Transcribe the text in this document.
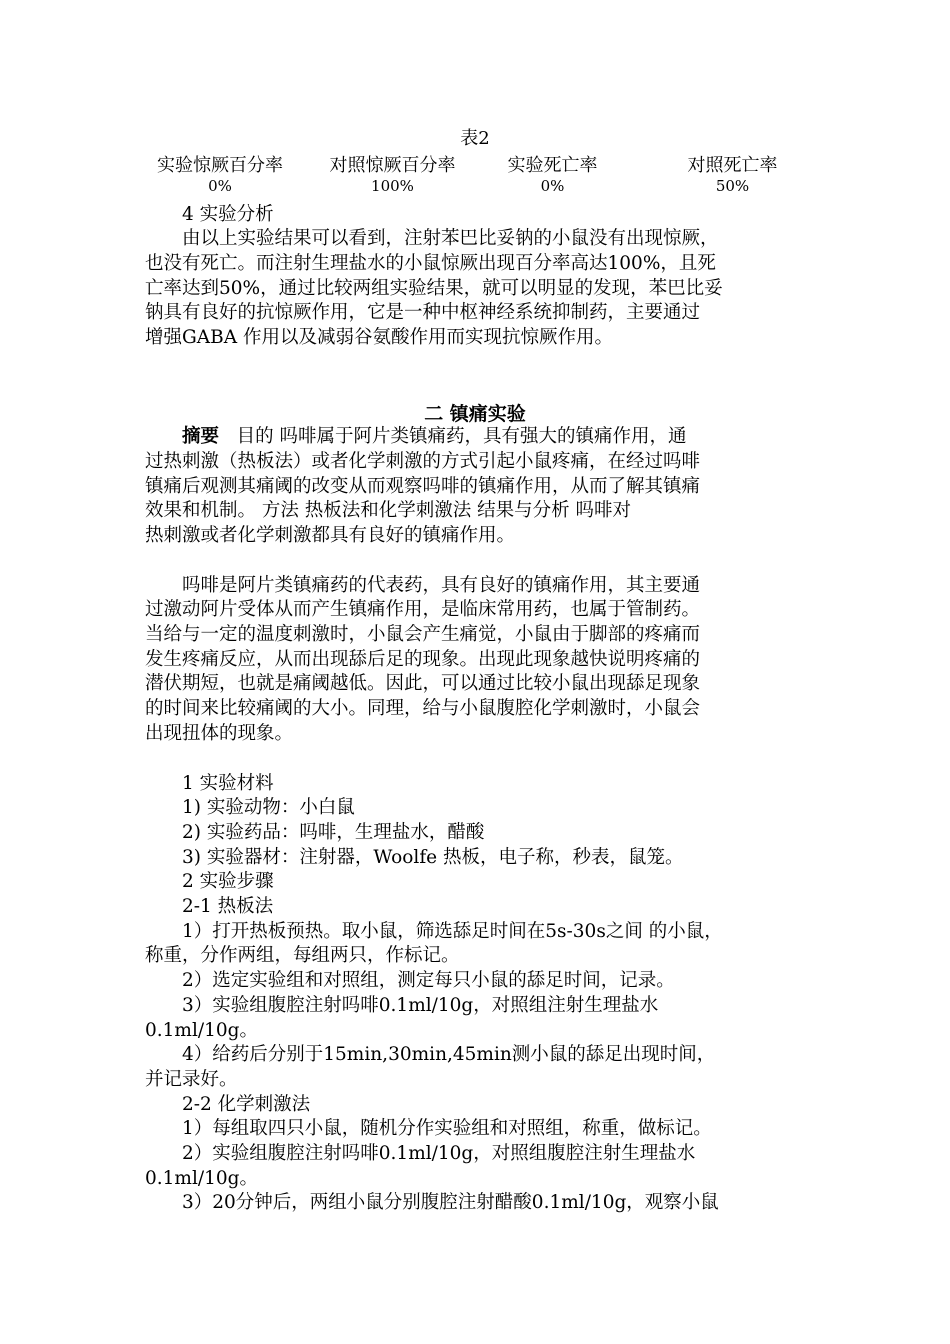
表2
实验惊厥百分率	对照惊厥百分率	实验死亡率	对照死亡率
0%	100%	0%	50%
4 实验分析
由以上实验结果可以看到，注射苯巴比妥钠的小鼠没有出现惊厥，
也没有死亡。而注射生理盐水的小鼠惊厥出现百分率高达100%，且死
亡率达到50%，通过比较两组实验结果，就可以明显的发现，苯巴比妥
钠具有良好的抗惊厥作用，它是一种中枢神经系统抑制药，主要通过
增强GABA 作用以及减弱谷氨酸作用而实现抗惊厥作用。
二 镇痛实验
摘要 目的 吗啡属于阿片类镇痛药，具有强大的镇痛作用，通
过热刺激（热板法）或者化学刺激的方式引起小鼠疼痛，在经过吗啡
镇痛后观测其痛阈的改变从而观察吗啡的镇痛作用，从而了解其镇痛
效果和机制。 方法 热板法和化学刺激法 结果与分析 吗啡对
热刺激或者化学刺激都具有良好的镇痛作用。
吗啡是阿片类镇痛药的代表药，具有良好的镇痛作用，其主要通
过激动阿片受体从而产生镇痛作用，是临床常用药，也属于管制药。
当给与一定的温度刺激时，小鼠会产生痛觉，小鼠由于脚部的疼痛而
发生疼痛反应，从而出现舔后足的现象。出现此现象越快说明疼痛的
潜伏期短，也就是痛阈越低。因此，可以通过比较小鼠出现舔足现象
的时间来比较痛阈的大小。同理，给与小鼠腹腔化学刺激时，小鼠会
出现扭体的现象。
1 实验材料
1) 实验动物：小白鼠
2) 实验药品：吗啡，生理盐水，醋酸
3) 实验器材：注射器，Woolfe 热板，电子称，秒表，鼠笼。
2 实验步骤
2-1 热板法
1）打开热板预热。取小鼠，筛选舔足时间在5s-30s之间 的小鼠，
称重，分作两组，每组两只，作标记。
2）选定实验组和对照组，测定每只小鼠的舔足时间，记录。
3）实验组腹腔注射吗啡0.1ml/10g，对照组注射生理盐水
0.1ml/10g。
4）给药后分别于15min,30min,45min测小鼠的舔足出现时间，
并记录好。
2-2 化学刺激法
1）每组取四只小鼠，随机分作实验组和对照组，称重，做标记。
2）实验组腹腔注射吗啡0.1ml/10g，对照组腹腔注射生理盐水
0.1ml/10g。
3）20分钟后，两组小鼠分别腹腔注射醋酸0.1ml/10g，观察小鼠
